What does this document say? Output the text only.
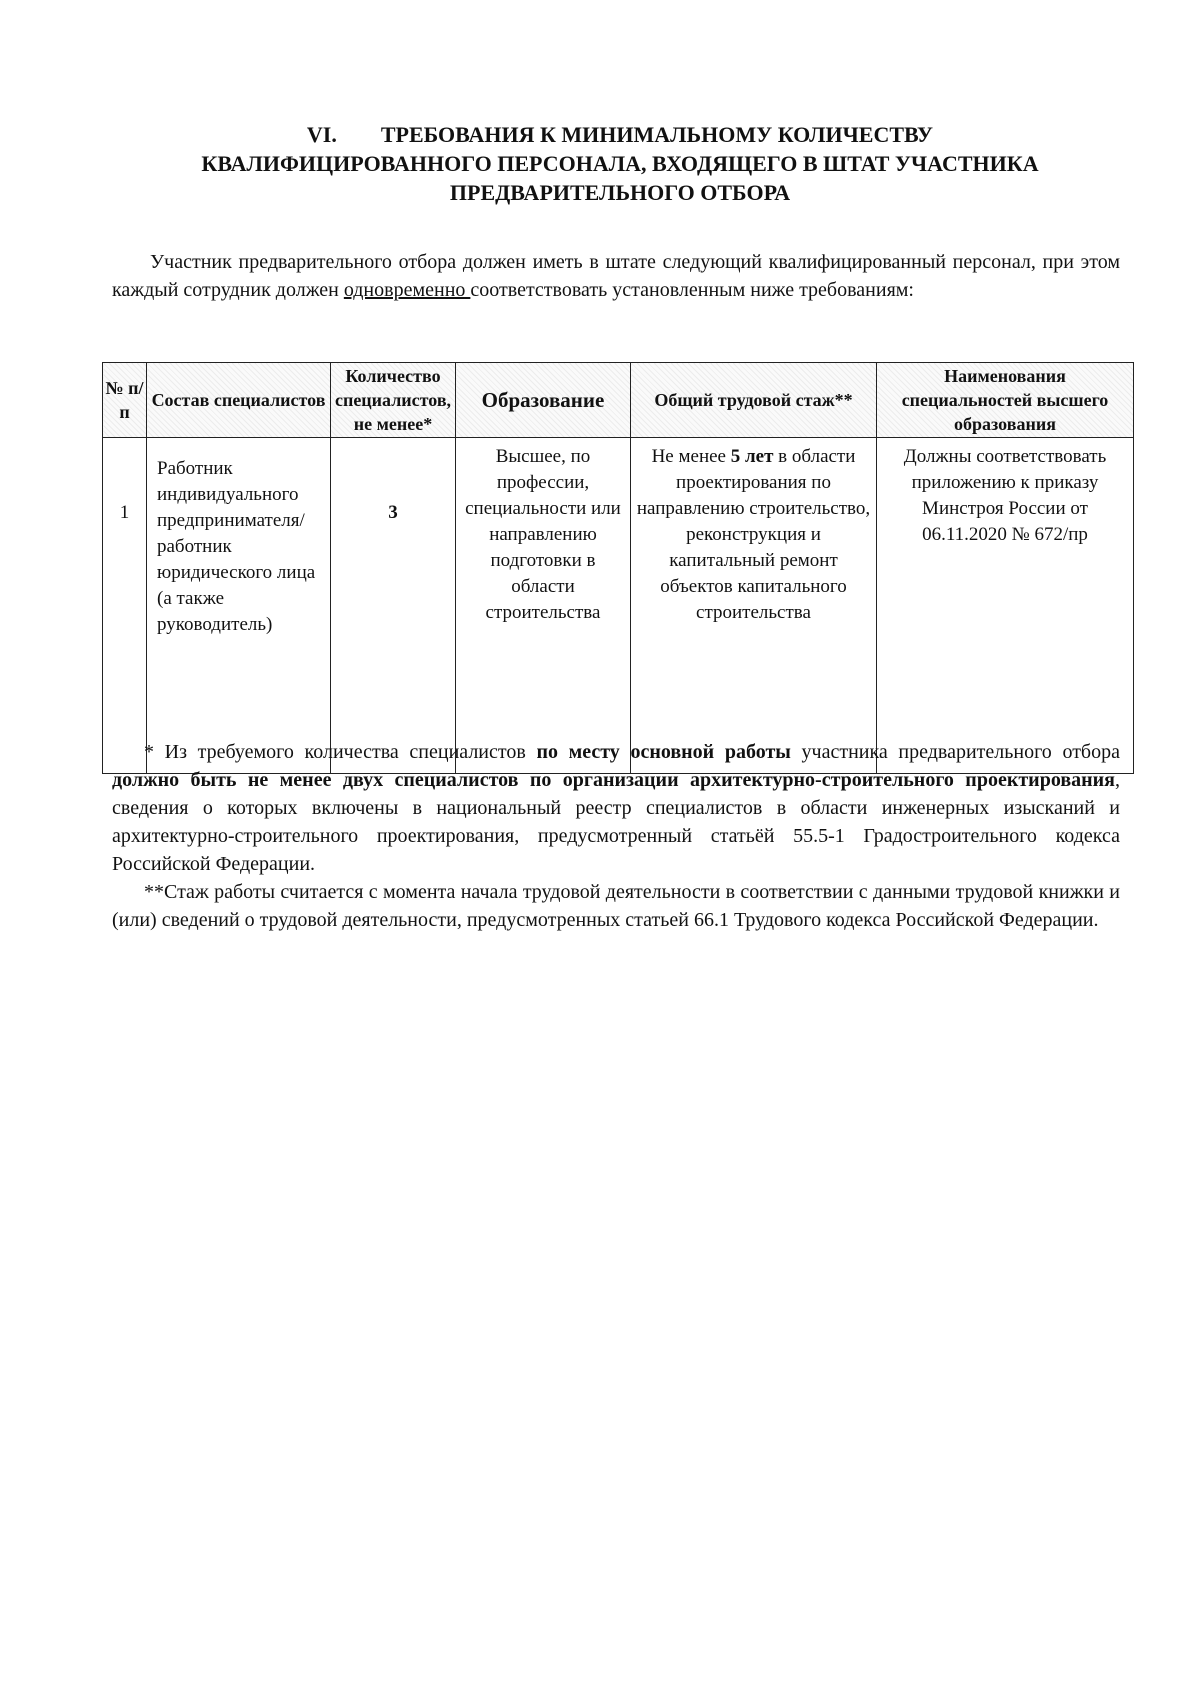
VI. ТРЕБОВАНИЯ К МИНИМАЛЬНОМУ КОЛИЧЕСТВУ
КВАЛИФИЦИРОВАННОГО ПЕРСОНАЛА, ВХОДЯЩЕГО В ШТАТ УЧАСТНИКА
ПРЕДВАРИТЕЛЬНОГО ОТБОРА
Участник предварительного отбора должен иметь в штате следующий квалифицированный персонал, при этом каждый сотрудник должен одновременно соответствовать установленным ниже требованиям:
№ п/п	Состав специалистов	Количество специалистов, не менее*	Образование	Общий трудовой стаж**	Наименования специальностей высшего образования
1	Работник индивидуального предпринимателя/ работник юридического лица (а также руководитель)	3	Высшее, по профессии, специальности или направлению подготовки в области строительства	Не менее 5 лет в области проектирования по направлению строительство, реконструкция и капитальный ремонт объектов капитального строительства	Должны соответствовать приложению к приказу Минстроя России от 06.11.2020 № 672/пр

* Из требуемого количества специалистов по месту основной работы участника предварительного отбора должно быть не менее двух специалистов по организации архитектурно-строительного проектирования, сведения о которых включены в национальный реестр специалистов в области инженерных изысканий и архитектурно-строительного проектирования, предусмотренный статьёй 55.5-1 Градостроительного кодекса Российской Федерации.

**Стаж работы считается с момента начала трудовой деятельности в соответствии с данными трудовой книжки и (или) сведений о трудовой деятельности, предусмотренных статьей 66.1 Трудового кодекса Российской Федерации.
